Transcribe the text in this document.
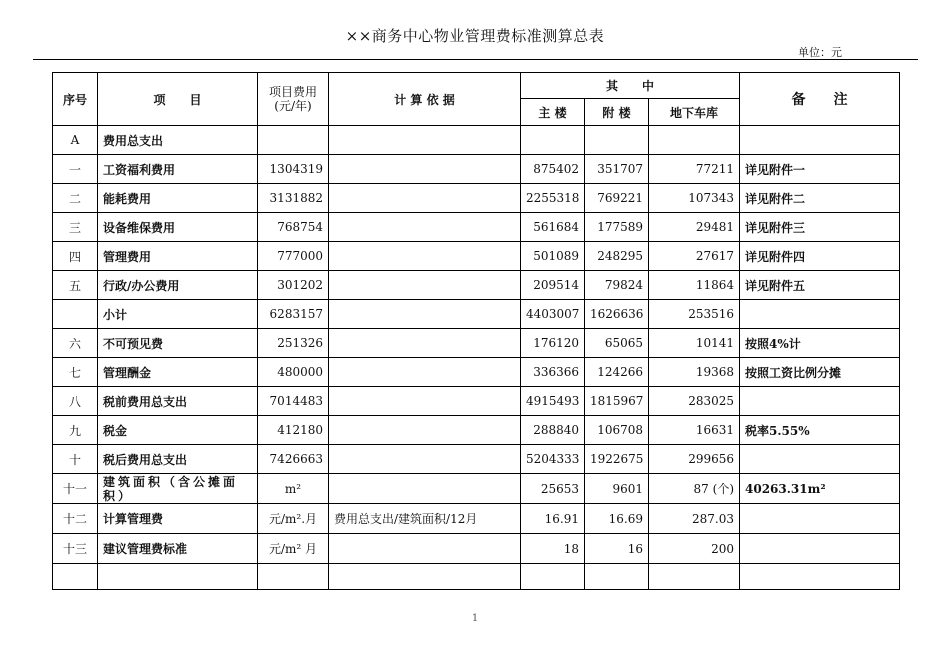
××商务中心物业管理费标准测算总表
单位：元
序号	项　　目	项目费用
(元/年)	计 算 依 据	其　　中			备　　注
				主 楼	附 楼	地下车库	
A	费用总支出						
一	工资福利费用	1304319		875402	351707	77211	详见附件一
二	能耗费用	3131882		2255318	769221	107343	详见附件二
三	设备维保费用	768754		561684	177589	29481	详见附件三
四	管理费用	777000		501089	248295	27617	详见附件四
五	行政/办公费用	301202		209514	79824	11864	详见附件五
	小计	6283157		4403007	1626636	253516	
六	不可预见费	251326		176120	65065	10141	按照4%计
七	管理酬金	480000		336366	124266	19368	按照工资比例分摊
八	税前费用总支出	7014483		4915493	1815967	283025	
九	税金	412180		288840	106708	16631	税率5.55%
十	税后费用总支出	7426663		5204333	1922675	299656	
十一	建筑面积（含公摊面积）	m²		25653	9601	87 (个)	40263.31m²
十二	计算管理费	元/m².月	费用总支出/建筑面积/12月	16.91	16.69	287.03	
十三	建议管理费标准	元/m² 月		18	16	200	

1
